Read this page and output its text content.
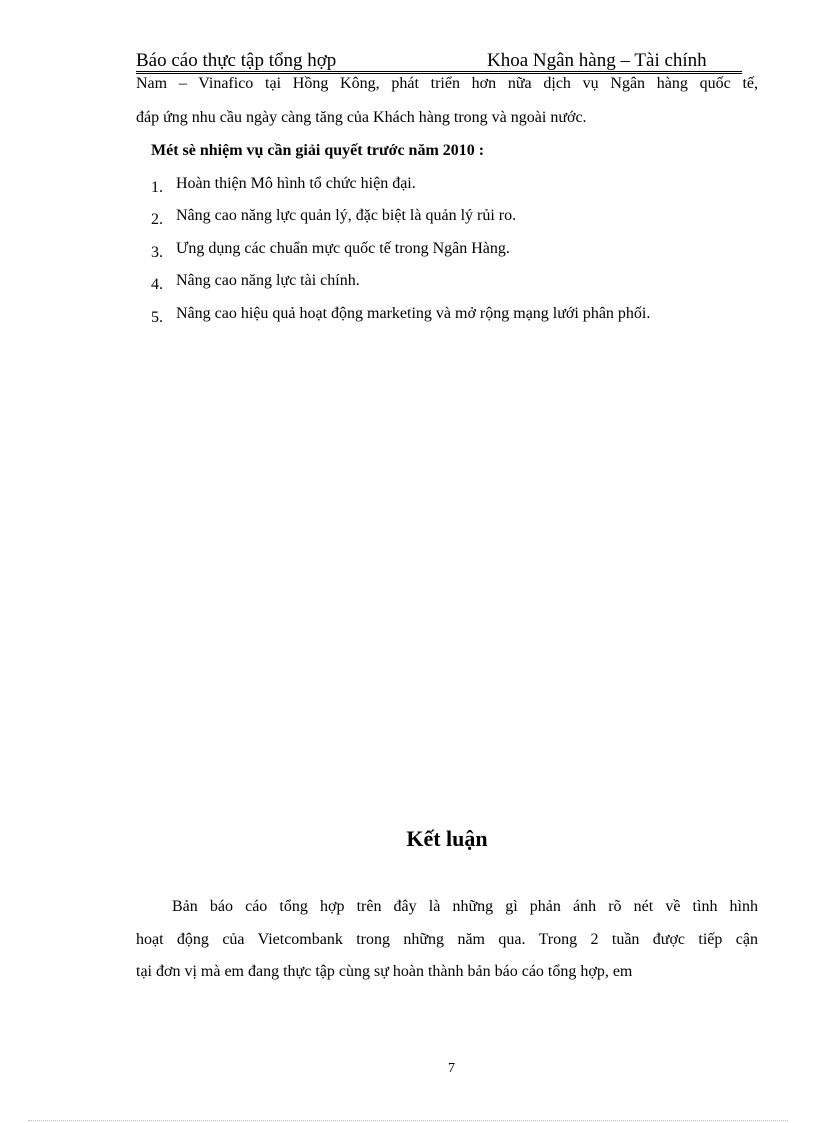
Báo cáo thực tập tổng hợp	Khoa Ngân hàng – Tài chính
Nam – Vinafico tại Hồng Kông, phát triển hơn nữa dịch vụ Ngân hàng quốc tế,
đáp ứng nhu cầu ngày càng tăng của Khách hàng trong và ngoài nước.
Mét sè nhiệm vụ cần giải quyết trước năm 2010 :
1. Hoàn thiện Mô hình tổ chức hiện đại.
2. Nâng cao năng lực quản lý, đặc biệt là quản lý rủi ro.
3. Ưng dụng các chuẩn mực quốc tế trong Ngân Hàng.
4. Nâng cao năng lực tài chính.
5. Nâng cao hiệu quả hoạt động marketing và mở rộng mạng lưới phân phối.
Kết luận
Bản báo cáo tổng hợp trên đây là những gì phản ánh rõ nét về tình hình
hoạt động của Vietcombank trong những năm qua. Trong 2 tuần được tiếp cận
tại đơn vị mà em đang thực tập cùng sự hoàn thành bản báo cáo tổng hợp, em
7
